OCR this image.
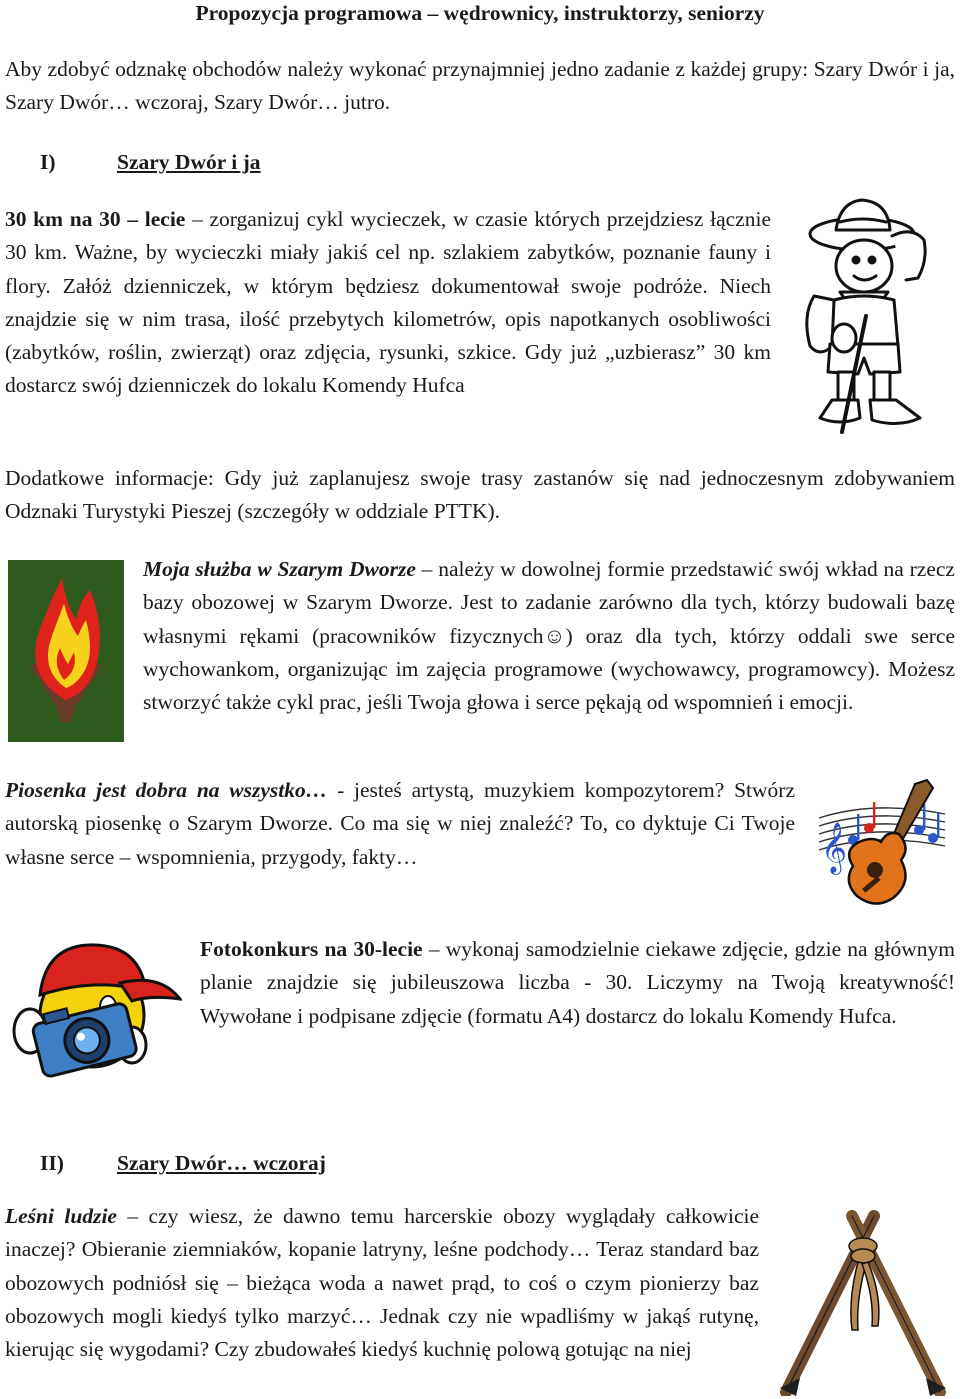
Propozycja programowa – wędrownicy, instruktorzy, seniorzy

Aby zdobyć odznakę obchodów należy wykonać przynajmniej jedno zadanie z każdej grupy: Szary Dwór i ja, Szary Dwór… wczoraj, Szary Dwór… jutro.

I)	Szary Dwór i ja

30 km na 30 – lecie – zorganizuj cykl wycieczek, w czasie których przejdziesz łącznie 30 km. Ważne, by wycieczki miały jakiś cel np. szlakiem zabytków, poznanie fauny i flory. Załóż dzienniczek, w którym będziesz dokumentował swoje podróże. Niech znajdzie się w nim trasa, ilość przebytych kilometrów, opis napotkanych osobliwości (zabytków, roślin, zwierząt) oraz zdjęcia, rysunki, szkice. Gdy już „uzbierasz” 30 km dostarcz swój dzienniczek do lokalu Komendy Hufca

Dodatkowe informacje: Gdy już zaplanujesz swoje trasy zastanów się nad jednoczesnym zdobywaniem Odznaki Turystyki Pieszej (szczegóły w oddziale PTTK).

Moja służba w Szarym Dworze – należy w dowolnej formie przedstawić swój wkład na rzecz bazy obozowej w Szarym Dworze. Jest to zadanie zarówno dla tych, którzy budowali bazę własnymi rękami (pracowników fizycznych☺) oraz dla tych, którzy oddali swe serce wychowankom, organizując im zajęcia programowe (wychowawcy, programowcy). Możesz stworzyć także cykl prac, jeśli Twoja głowa i serce pękają od wspomnień i emocji.

Piosenka jest dobra na wszystko… - jesteś artystą, muzykiem kompozytorem? Stwórz autorską piosenkę o Szarym Dworze. Co ma się w niej znaleźć? To, co dyktuje Ci Twoje własne serce – wspomnienia, przygody, fakty…	𝄞

Fotokonkurs na 30-lecie – wykonaj samodzielnie ciekawe zdjęcie, gdzie na głównym planie znajdzie się jubileuszowa liczba - 30. Liczymy na Twoją kreatywność! Wywołane i podpisane zdjęcie (formatu A4) dostarcz do lokalu Komendy Hufca.

II) Szary Dwór… wczoraj

Leśni ludzie – czy wiesz, że dawno temu harcerskie obozy wyglądały całkowicie inaczej? Obieranie ziemniaków, kopanie latryny, leśne podchody… Teraz standard baz obozowych podniósł się – bieżąca woda a nawet prąd, to coś o czym pionierzy baz obozowych mogli kiedyś tylko marzyć… Jednak czy nie wpadliśmy w jakąś rutynę, kierując się wygodami? Czy zbudowałeś kiedyś kuchnię polową gotując na niej
